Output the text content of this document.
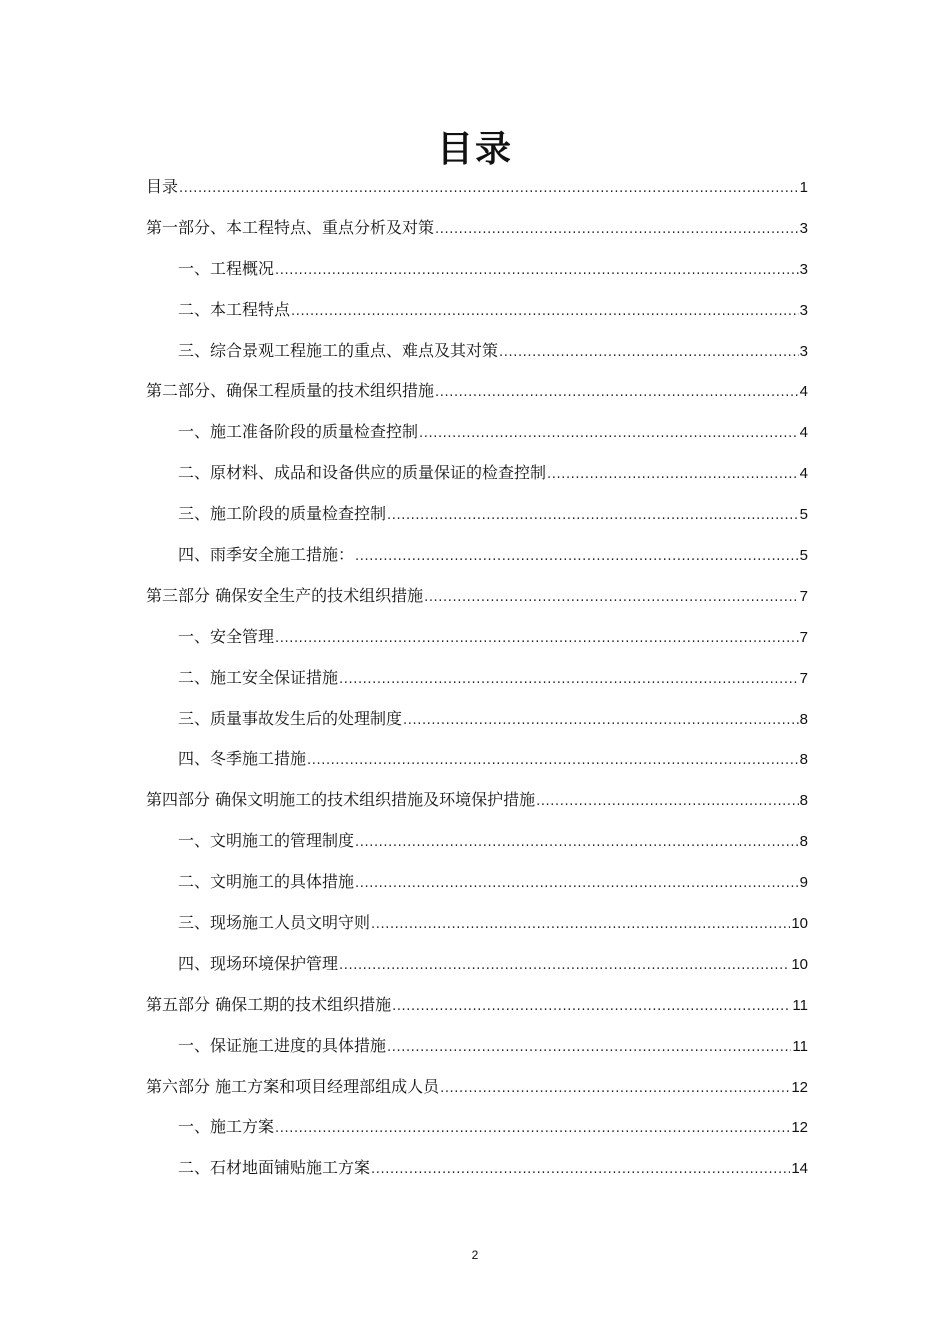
目录
目录 .....	1
第一部分、本工程特点、重点分析及对策 .....	3
一、工程概况 .....	3
二、本工程特点 .....	3
三、综合景观工程施工的重点、难点及其对策 .....	3
第二部分、确保工程质量的技术组织措施 .....	4
一、施工准备阶段的质量检查控制 .....	4
二、原材料、成品和设备供应的质量保证的检查控制 .....	4
三、施工阶段的质量检查控制 .....	5
四、雨季安全施工措施： .....	5
第三部分 确保安全生产的技术组织措施 .....	7
一、安全管理 .....	7
二、施工安全保证措施 .....	7
三、质量事故发生后的处理制度 .....	8
四、冬季施工措施 .....	8
第四部分 确保文明施工的技术组织措施及环境保护措施 .....	8
一、文明施工的管理制度 .....	8
二、文明施工的具体措施 .....	9
三、现场施工人员文明守则 .....	10
四、现场环境保护管理 .....	10
第五部分 确保工期的技术组织措施 .....	11
一、保证施工进度的具体措施 .....	11
第六部分 施工方案和项目经理部组成人员 .....	12
一、施工方案 .....	12
二、石材地面铺贴施工方案 .....	14
2
